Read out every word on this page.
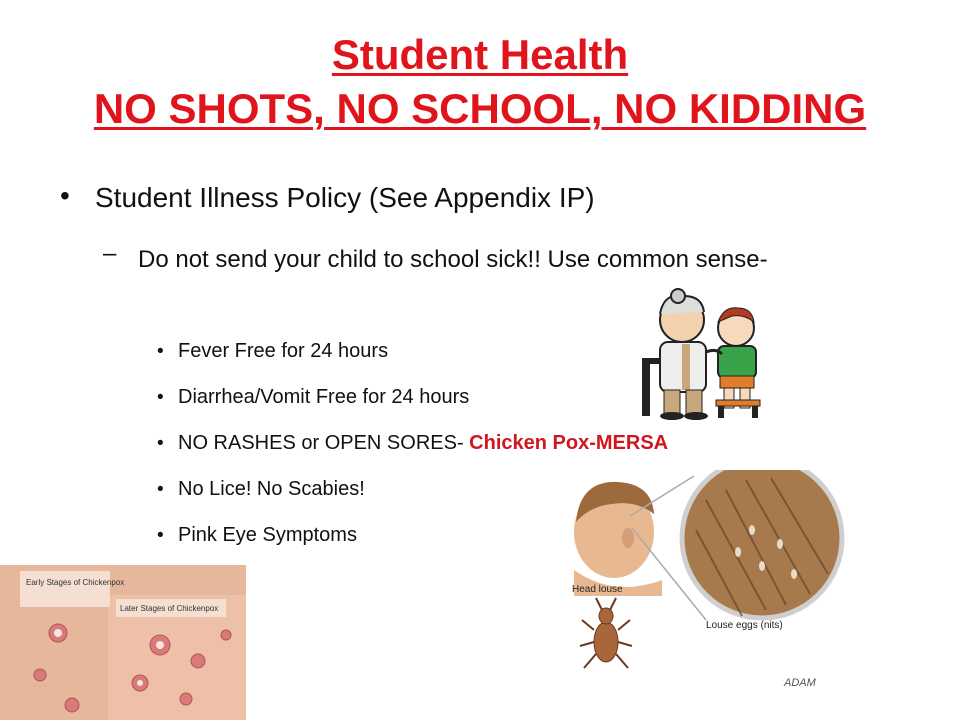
Student Health
NO SHOTS, NO SCHOOL, NO KIDDING
• Student Illness Policy (See Appendix IP)
– Do not send your child to school sick!! Use common sense-
• Fever Free for 24 hours
• Diarrhea/Vomit Free for 24 hours
• NO RASHES or OPEN SORES- Chicken Pox-MERSA
• No Lice! No Scabies!
• Pink Eye Symptoms
Head louse
Louse eggs (nits)
ADAM
Early Stages of Chickenpox
Later Stages of Chickenpox
